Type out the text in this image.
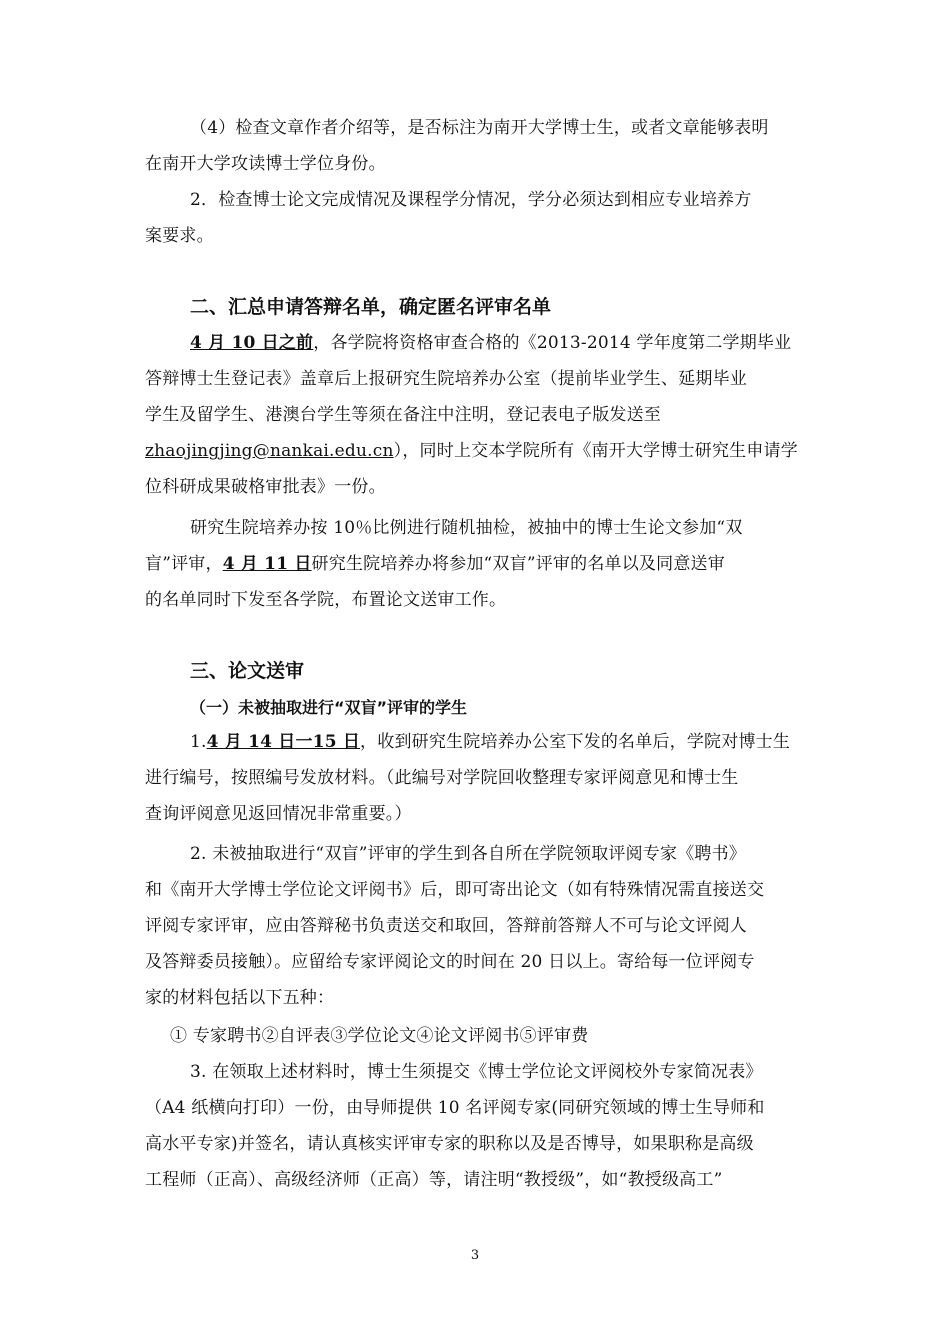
（4）检查文章作者介绍等，是否标注为南开大学博士生，或者文章能够表明

在南开大学攻读博士学位身份。

2．检查博士论文完成情况及课程学分情况，学分必须达到相应专业培养方

案要求。

二、汇总申请答辩名单，确定匿名评审名单

4 月 10 日之前，各学院将资格审查合格的《2013-2014 学年度第二学期毕业

答辩博士生登记表》盖章后上报研究生院培养办公室（提前毕业学生、延期毕业

学生及留学生、港澳台学生等须在备注中注明，登记表电子版发送至

zhaojingjing@nankai.edu.cn），同时上交本学院所有《南开大学博士研究生申请学

位科研成果破格审批表》一份。

研究生院培养办按 10％比例进行随机抽检，被抽中的博士生论文参加“双

盲”评审，4 月 11 日研究生院培养办将参加“双盲”评审的名单以及同意送审

的名单同时下发至各学院，布置论文送审工作。

三、论文送审
（一）未被抽取进行“双盲”评审的学生

1.4 月 14 日一15 日，收到研究生院培养办公室下发的名单后，学院对博士生

进行编号，按照编号发放材料。（此编号对学院回收整理专家评阅意见和博士生

查询评阅意见返回情况非常重要。）

2. 未被抽取进行“双盲”评审的学生到各自所在学院领取评阅专家《聘书》

和《南开大学博士学位论文评阅书》后，即可寄出论文（如有特殊情况需直接送交

评阅专家评审，应由答辩秘书负责送交和取回，答辩前答辩人不可与论文评阅人

及答辩委员接触）。应留给专家评阅论文的时间在 20 日以上。寄给每一位评阅专

家的材料包括以下五种：

① 专家聘书②自评表③学位论文④论文评阅书⑤评审费

3. 在领取上述材料时，博士生须提交《博士学位论文评阅校外专家简况表》

（A4 纸横向打印）一份，由导师提供 10 名评阅专家(同研究领域的博士生导师和

高水平专家)并签名，请认真核实评审专家的职称以及是否博导，如果职称是高级

工程师（正高）、高级经济师（正高）等，请注明“教授级”，如“教授级高工”

3
